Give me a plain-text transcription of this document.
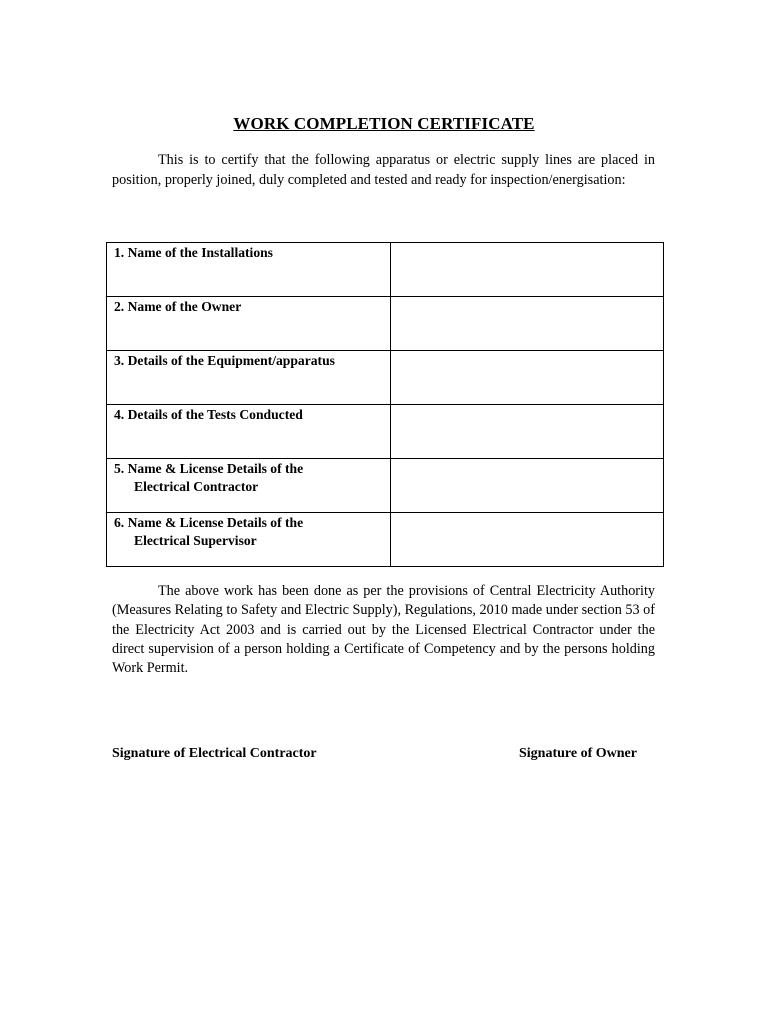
WORK COMPLETION CERTIFICATE

This is to certify that the following apparatus or electric supply lines are placed in position, properly joined, duly completed and tested and ready for inspection/energisation:

1. Name of the Installations	

2. Name of the Owner	

3. Details of the Equipment/apparatus	

4. Details of the Tests Conducted	

5. Name & License Details of the
Electrical Contractor	

6. Name & License Details of the
Electrical Supervisor	

The above work has been done as per the provisions of Central Electricity Authority (Measures Relating to Safety and Electric Supply), Regulations, 2010 made under section 53 of the Electricity Act 2003 and is carried out by the Licensed Electrical Contractor under the direct supervision of a person holding a Certificate of Competency and by the persons holding Work Permit.

Signature of Electrical Contractor	Signature of Owner
